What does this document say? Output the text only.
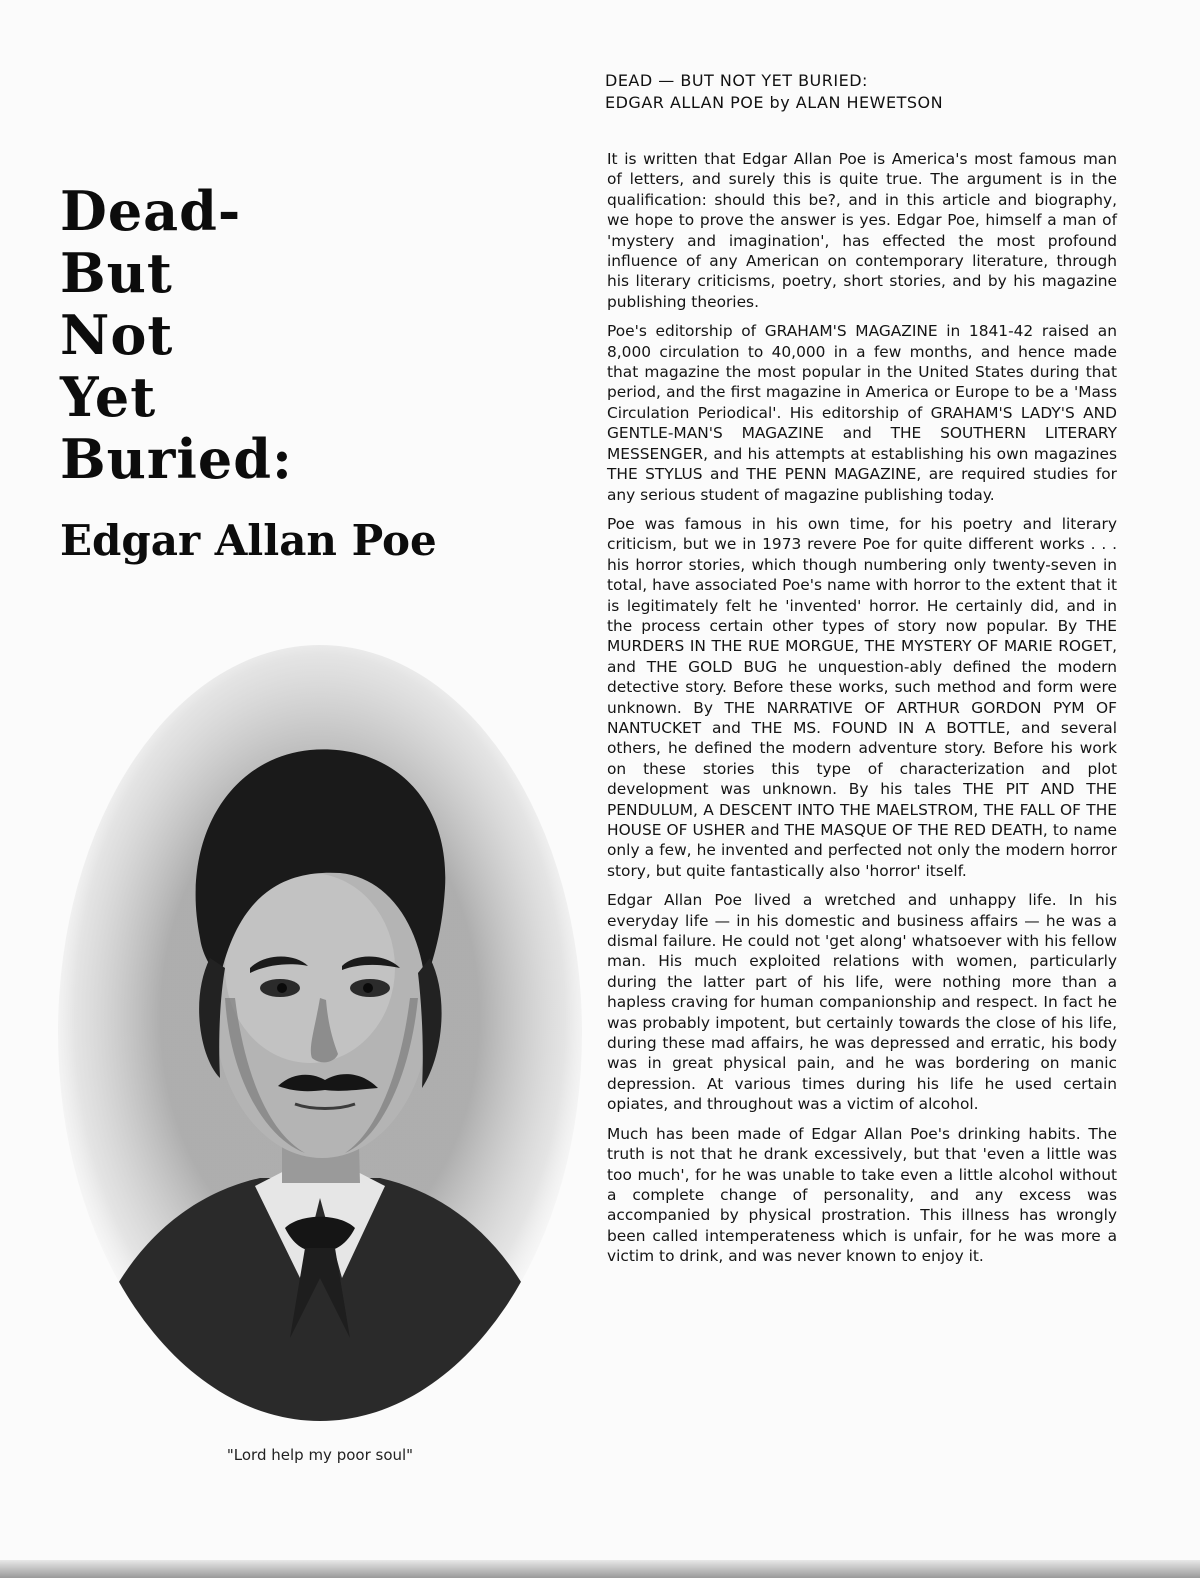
Dead-
But
Not
Yet
Buried:
Edgar Allan Poe
"Lord help my poor soul"
DEAD — BUT NOT YET BURIED:
EDGAR ALLAN POE by ALAN HEWETSON

It is written that Edgar Allan Poe is America's most famous man of letters, and surely this is quite true. The argument is in the qualification: should this be?, and in this article and biography, we hope to prove the answer is yes. Edgar Poe, himself a man of 'mystery and imagination', has effected the most profound influence of any American on contemporary literature, through his literary criticisms, poetry, short stories, and by his magazine publishing theories.

Poe's editorship of GRAHAM'S MAGAZINE in 1841-42 raised an 8,000 circulation to 40,000 in a few months, and hence made that magazine the most popular in the United States during that period, and the first magazine in America or Europe to be a 'Mass Circulation Periodical'. His editorship of GRAHAM'S LADY'S AND GENTLE-MAN'S MAGAZINE and THE SOUTHERN LITERARY MESSENGER, and his attempts at establishing his own magazines THE STYLUS and THE PENN MAGAZINE, are required studies for any serious student of magazine publishing today.

Poe was famous in his own time, for his poetry and literary criticism, but we in 1973 revere Poe for quite different works . . . his horror stories, which though numbering only twenty-seven in total, have associated Poe's name with horror to the extent that it is legitimately felt he 'invented' horror. He certainly did, and in the process certain other types of story now popular. By THE MURDERS IN THE RUE MORGUE, THE MYSTERY OF MARIE ROGET, and THE GOLD BUG he unquestion-ably defined the modern detective story. Before these works, such method and form were unknown. By THE NARRATIVE OF ARTHUR GORDON PYM OF NANTUCKET and THE MS. FOUND IN A BOTTLE, and several others, he defined the modern adventure story. Before his work on these stories this type of characterization and plot development was unknown. By his tales THE PIT AND THE PENDULUM, A DESCENT INTO THE MAELSTROM, THE FALL OF THE HOUSE OF USHER and THE MASQUE OF THE RED DEATH, to name only a few, he invented and perfected not only the modern horror story, but quite fantastically also 'horror' itself.

Edgar Allan Poe lived a wretched and unhappy life. In his everyday life — in his domestic and business affairs — he was a dismal failure. He could not 'get along' whatsoever with his fellow man. His much exploited relations with women, particularly during the latter part of his life, were nothing more than a hapless craving for human companionship and respect. In fact he was probably impotent, but certainly towards the close of his life, during these mad affairs, he was depressed and erratic, his body was in great physical pain, and he was bordering on manic depression. At various times during his life he used certain opiates, and throughout was a victim of alcohol.

Much has been made of Edgar Allan Poe's drinking habits. The truth is not that he drank excessively, but that 'even a little was too much', for he was unable to take even a little alcohol without a complete change of personality, and any excess was accompanied by physical prostration. This illness has wrongly been called intemperateness which is unfair, for he was more a victim to drink, and was never known to enjoy it.
